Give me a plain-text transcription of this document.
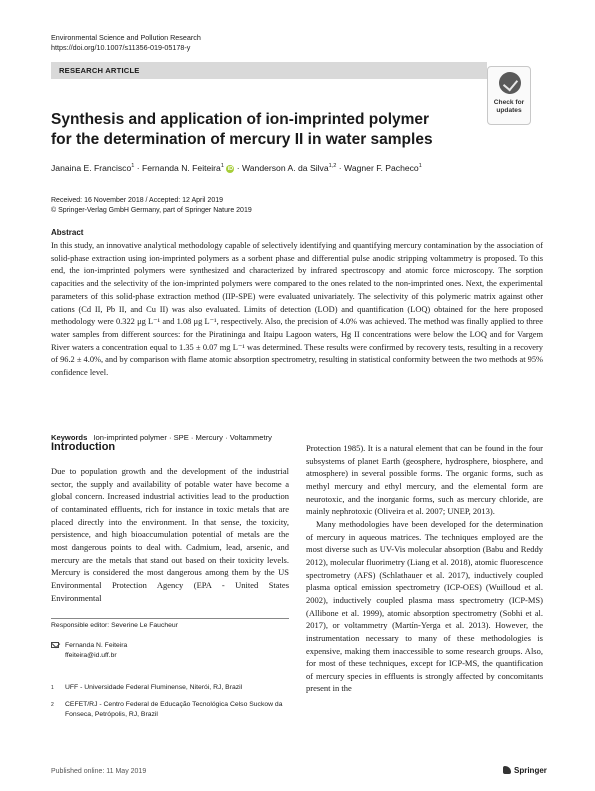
Environmental Science and Pollution Research
https://doi.org/10.1007/s11356-019-05178-y
RESEARCH ARTICLE
Check for
updates
Synthesis and application of ion-imprinted polymer
for the determination of mercury II in water samples
Janaina E. Francisco$^1$ · Fernanda N. Feiteira$^1$ iD · Wanderson A. da Silva$^{1,2}$ · Wagner F. Pacheco$^1$
Received: 16 November 2018 / Accepted: 12 April 2019
© Springer-Verlag GmbH Germany, part of Springer Nature 2019
Abstract
In this study, an innovative analytical methodology capable of selectively identifying and quantifying mercury contamination by the association of solid-phase extraction using ion-imprinted polymers as a sorbent phase and differential pulse anodic stripping voltammetry is proposed. To this end, the ion-imprinted polymers were synthesized and characterized by infrared spectroscopy and atomic force microscopy. The sorption capacities and the selectivity of the ion-imprinted polymers were compared to the ones related to the non-imprinted ones. Next, the experimental parameters of this solid-phase extraction method (IIP-SPE) were evaluated univariately. The selectivity of this polymeric matrix against other cations (Cd II, Pb II, and Cu II) was also evaluated. Limits of detection (LOD) and quantification (LOQ) obtained for the here proposed methodology were 0.322 μg L⁻¹ and 1.08 μg L⁻¹, respectively. Also, the precision of 4.0% was achieved. The method was finally applied to three water samples from different sources: for the Piratininga and Itaipu Lagoon waters, Hg II concentrations were below the LOQ and for Vargem River waters a concentration equal to 1.35 ± 0.07 mg L⁻¹ was determined. These results were confirmed by recovery tests, resulting in a recovery of 96.2 ± 4.0%, and by comparison with flame atomic absorption spectrometry, resulting in statistical conformity between the two methods at 95% confidence level.
Keywords Ion-imprinted polymer · SPE · Mercury · Voltammetry
Introduction

Due to population growth and the development of the industrial sector, the supply and availability of potable water have become a global concern. Increased industrial activities lead to the production of contaminated effluents, rich for instance in toxic metals that are placed directly into the environment. In that sense, the toxicity, persistence, and high bioaccumulation potential of metals are the most dangerous points to deal with. Cadmium, lead, arsenic, and mercury are the metals that stand out based on their toxicity levels. Mercury is considered the most dangerous among them by the US Environmental Protection Agency (EPA - United States Environmental

Protection 1985). It is a natural element that can be found in the four subsystems of planet Earth (geosphere, hydrosphere, biosphere, and atmosphere) in several possible forms. The organic forms, such as methyl mercury and ethyl mercury, and the elemental form are neurotoxic, and the inorganic forms, such as mercury chloride, are mainly nephrotoxic (Oliveira et al. 2007; UNEP, 2013).

Many methodologies have been developed for the determination of mercury in aqueous matrices. The techniques employed are the most diverse such as UV-Vis molecular absorption (Babu and Reddy 2012), molecular fluorimetry (Liang et al. 2018), atomic fluorescence spectrometry (AFS) (Schlathauer et al. 2017), inductively coupled plasma optical emission spectrometry (ICP-OES) (Wuilloud et al. 2002), inductively coupled plasma mass spectrometry (ICP-MS) (Allibone et al. 1999), atomic absorption spectrometry (Sobhi et al. 2017), or voltammetry (Martín-Yerga et al. 2013). However, the instrumentation necessary to many of these methodologies is expensive, making them inaccessible to some research groups. Also, for most of these techniques, except for ICP-MS, the quantification of mercury species in effluents is strongly affected by concomitants present in the

Responsible editor: Severine Le Faucheur
Fernanda N. Feiteira
ffeiteira@id.uff.br
1 UFF - Universidade Federal Fluminense, Niterói, RJ, Brazil
2 CEFET/RJ - Centro Federal de Educação Tecnológica Celso Suckow da Fonseca, Petrópolis, RJ, Brazil
Published online: 11 May 2019	Springer
